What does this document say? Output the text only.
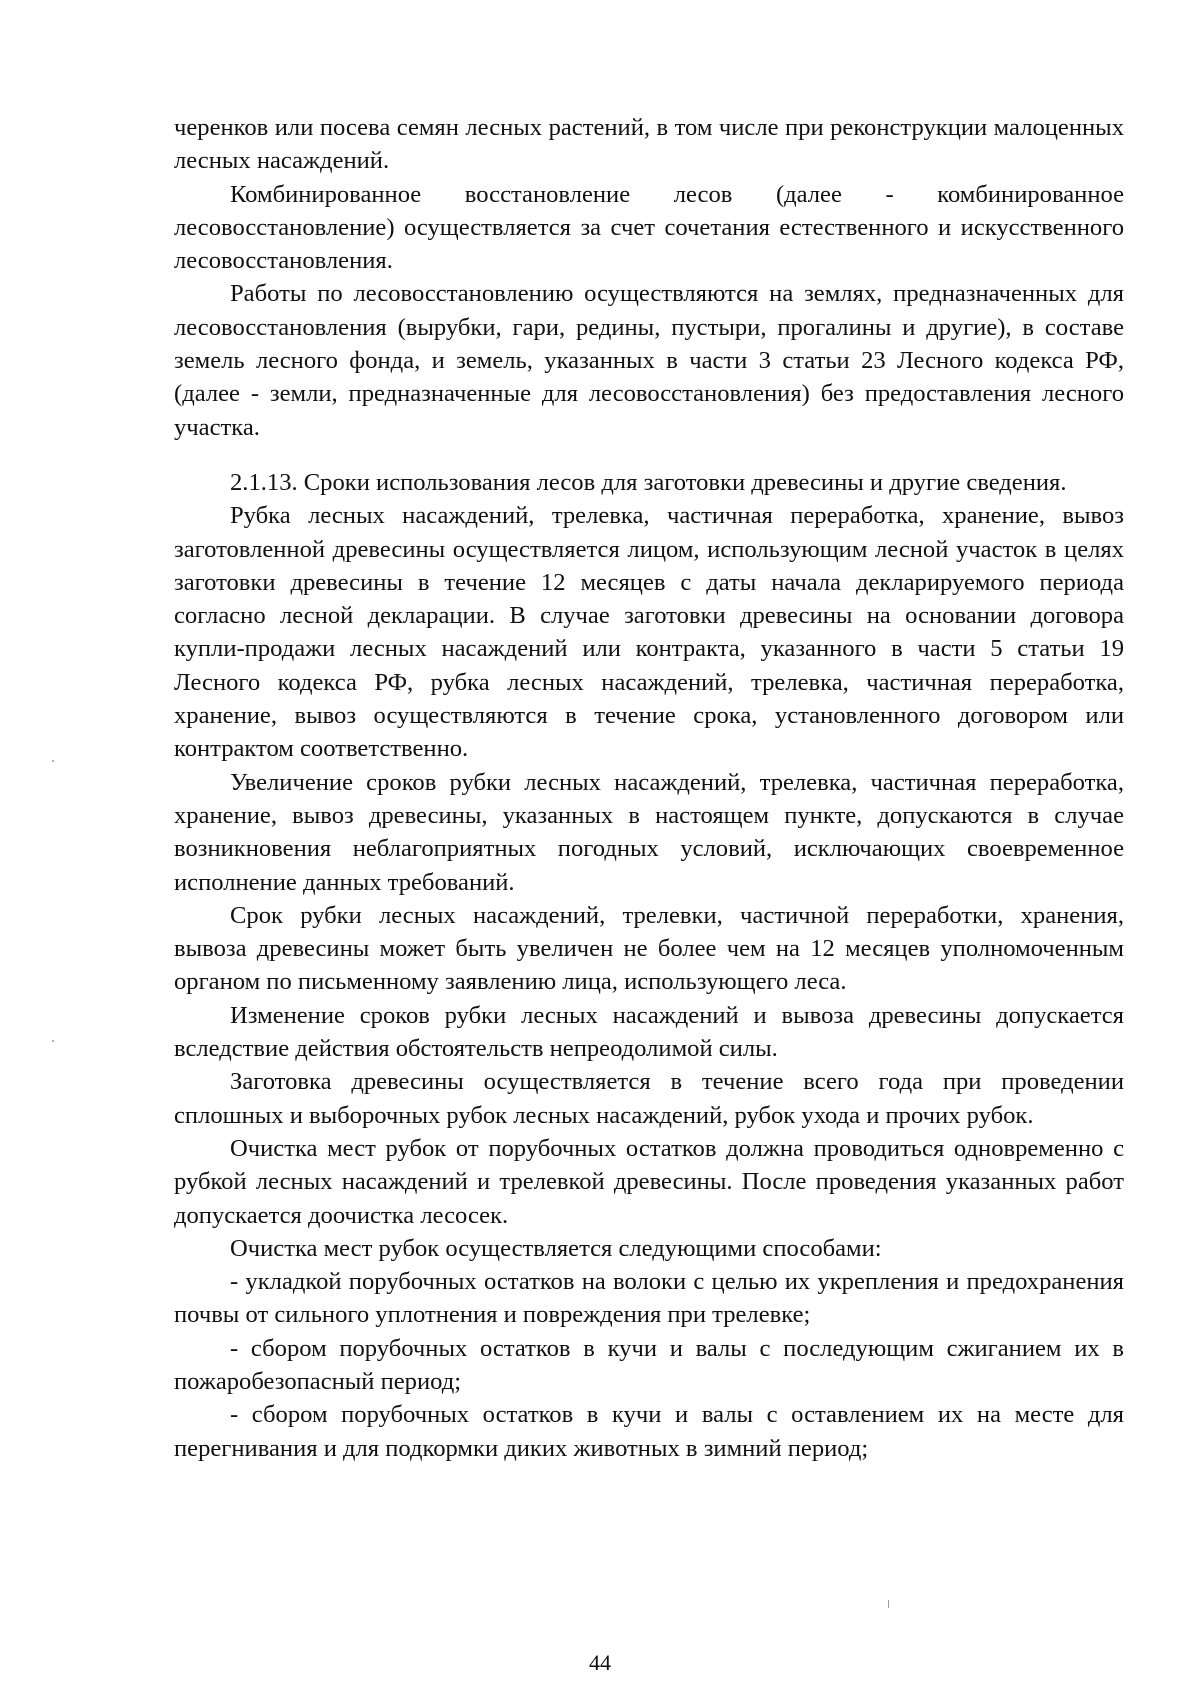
черенков или посева семян лесных растений, в том числе при реконструкции малоценных лесных насаждений.

Комбинированное восстановление лесов (далее - комбинированное лесовосстановление) осуществляется за счет сочетания естественного и искусственного лесовосстановления.

Работы по лесовосстановлению осуществляются на землях, предназначенных для лесовосстановления (вырубки, гари, редины, пустыри, прогалины и другие), в составе земель лесного фонда, и земель, указанных в части 3 статьи 23 Лесного кодекса РФ, (далее - земли, предназначенные для лесовосстановления) без предоставления лесного участка.

2.1.13. Сроки использования лесов для заготовки древесины и другие сведения.

Рубка лесных насаждений, трелевка, частичная переработка, хранение, вывоз заготовленной древесины осуществляется лицом, использующим лесной участок в целях заготовки древесины в течение 12 месяцев с даты начала декларируемого периода согласно лесной декларации. В случае заготовки древесины на основании договора купли-продажи лесных насаждений или контракта, указанного в части 5 статьи 19 Лесного кодекса РФ, рубка лесных насаждений, трелевка, частичная переработка, хранение, вывоз осуществляются в течение срока, установленного договором или контрактом соответственно.

Увеличение сроков рубки лесных насаждений, трелевка, частичная переработка, хранение, вывоз древесины, указанных в настоящем пункте, допускаются в случае возникновения неблагоприятных погодных условий, исключающих своевременное исполнение данных требований.

Срок рубки лесных насаждений, трелевки, частичной переработки, хранения, вывоза древесины может быть увеличен не более чем на 12 месяцев уполномоченным органом по письменному заявлению лица, использующего леса.

Изменение сроков рубки лесных насаждений и вывоза древесины допускается вследствие действия обстоятельств непреодолимой силы.

Заготовка древесины осуществляется в течение всего года при проведении сплошных и выборочных рубок лесных насаждений, рубок ухода и прочих рубок.

Очистка мест рубок от порубочных остатков должна проводиться одновременно с рубкой лесных насаждений и трелевкой древесины. После проведения указанных работ допускается доочистка лесосек.

Очистка мест рубок осуществляется следующими способами:

- укладкой порубочных остатков на волоки с целью их укрепления и предохранения почвы от сильного уплотнения и повреждения при трелевке;

- сбором порубочных остатков в кучи и валы с последующим сжиганием их в пожаробезопасный период;

- сбором порубочных остатков в кучи и валы с оставлением их на месте для перегнивания и для подкормки диких животных в зимний период;

44
